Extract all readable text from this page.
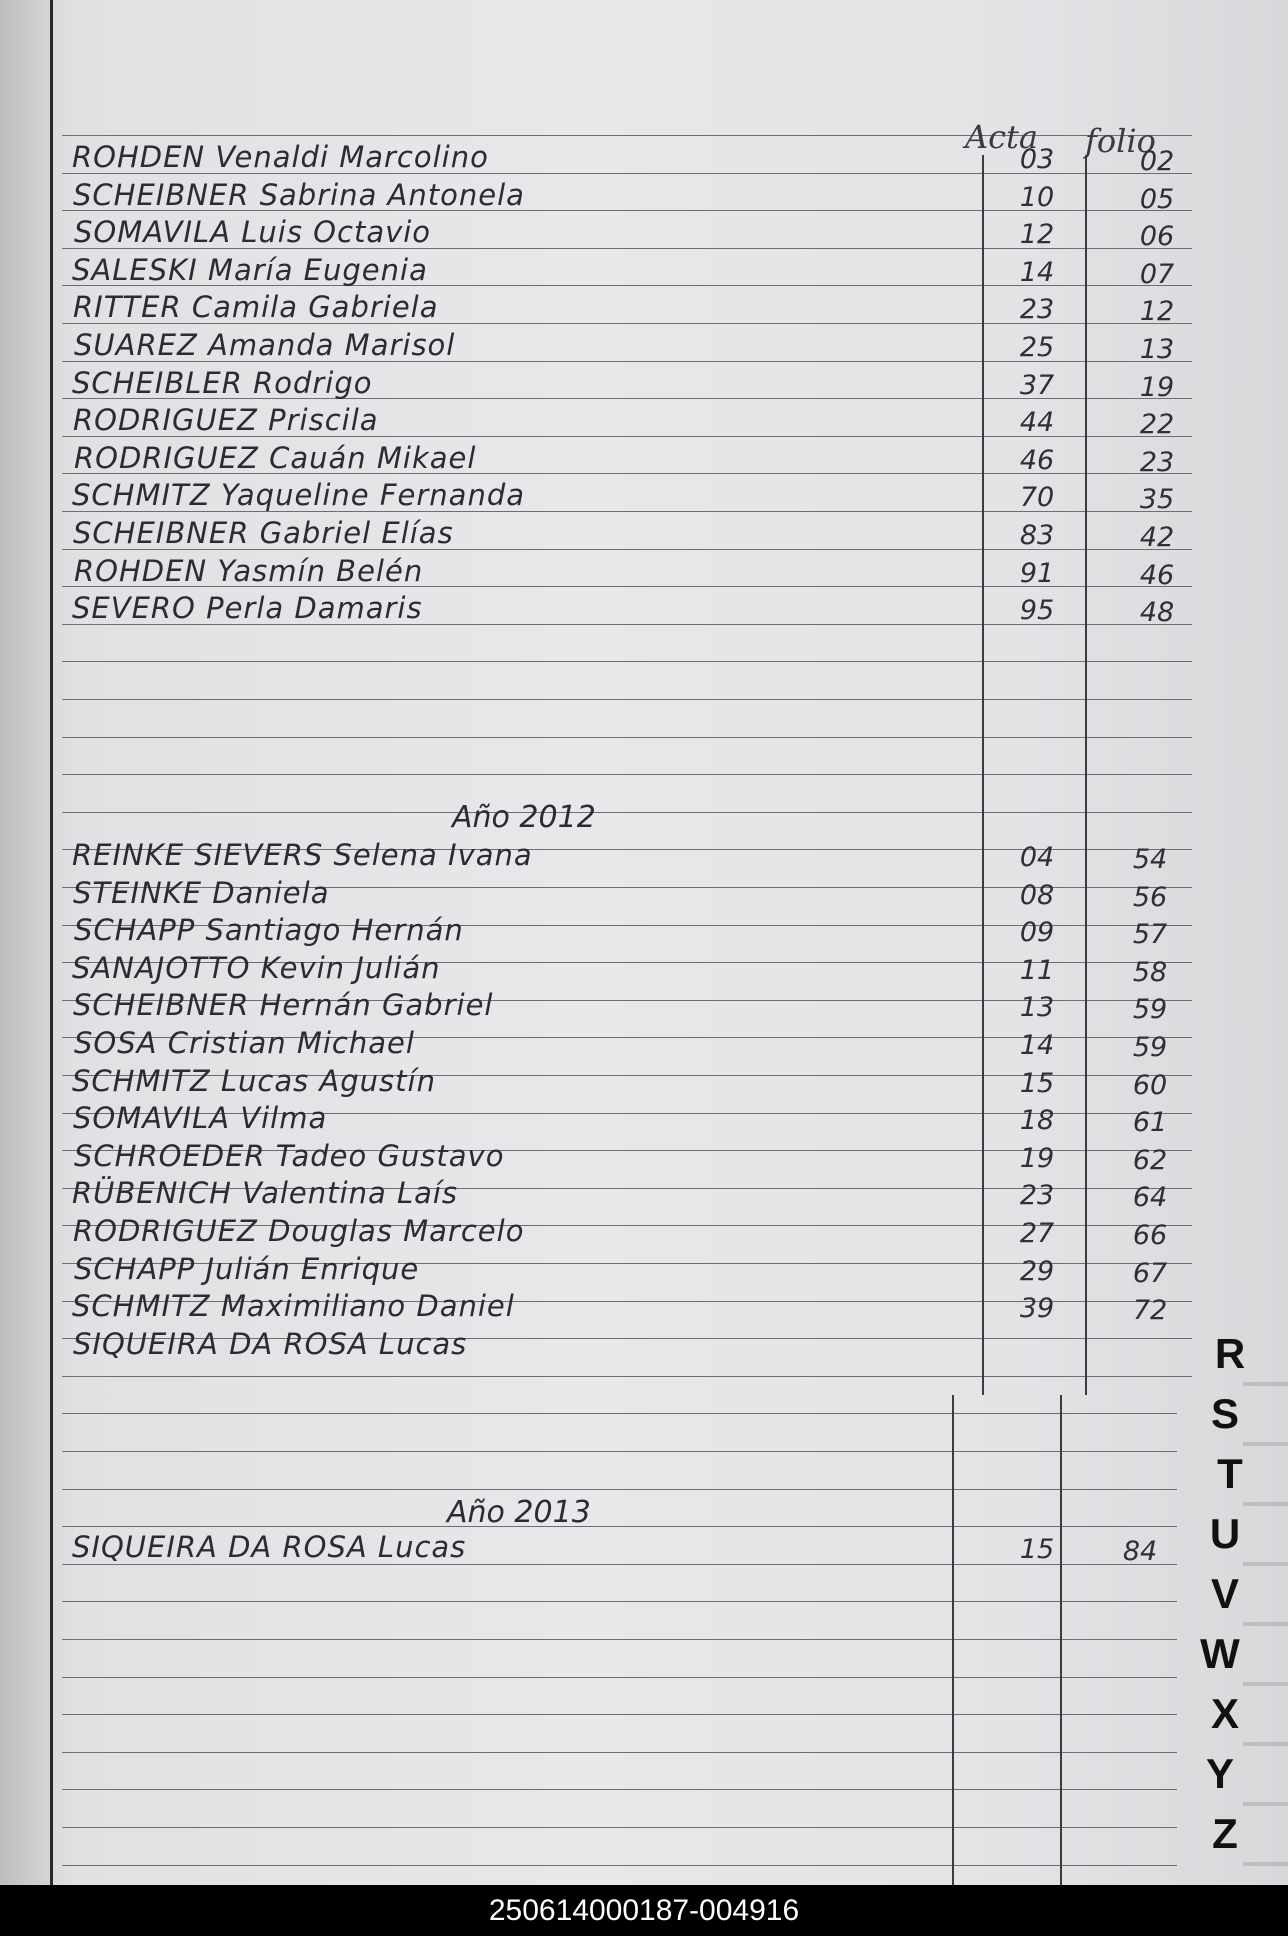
Acta folio
ROHDEN Venaldi Marcolino	03	02
SCHEIBNER Sabrina Antonela	10	05
SOMAVILA Luis Octavio	12	06
SALESKI María Eugenia	14	07
RITTER Camila Gabriela	23	12
SUAREZ Amanda Marisol	25	13
SCHEIBLER Rodrigo	37	19
RODRIGUEZ Priscila	44	22
RODRIGUEZ Cauán Mikael	46	23
SCHMITZ Yaqueline Fernanda	70	35
SCHEIBNER Gabriel Elías	83	42
ROHDEN Yasmín Belén	91	46
SEVERO Perla Damaris	95	48
Año 2012
REINKE SIEVERS Selena Ivana	04	54
STEINKE Daniela	08	56
SCHAPP Santiago Hernán	09	57
SANAJOTTO Kevin Julián	11	58
SCHEIBNER Hernán Gabriel	13	59
SOSA Cristian Michael	14	59
SCHMITZ Lucas Agustín	15	60
SOMAVILA Vilma	18	61
SCHROEDER Tadeo Gustavo	19	62
RÜBENICH Valentina Laís	23	64
RODRIGUEZ Douglas Marcelo	27	66
SCHAPP Julián Enrique	29	67
SCHMITZ Maximiliano Daniel	39	72
SIQUEIRA DA ROSA Lucas
Año 2013
SIQUEIRA DA ROSA Lucas	15	84
R
S
T
U
V
W
X
Y
Z
250614000187-004916
